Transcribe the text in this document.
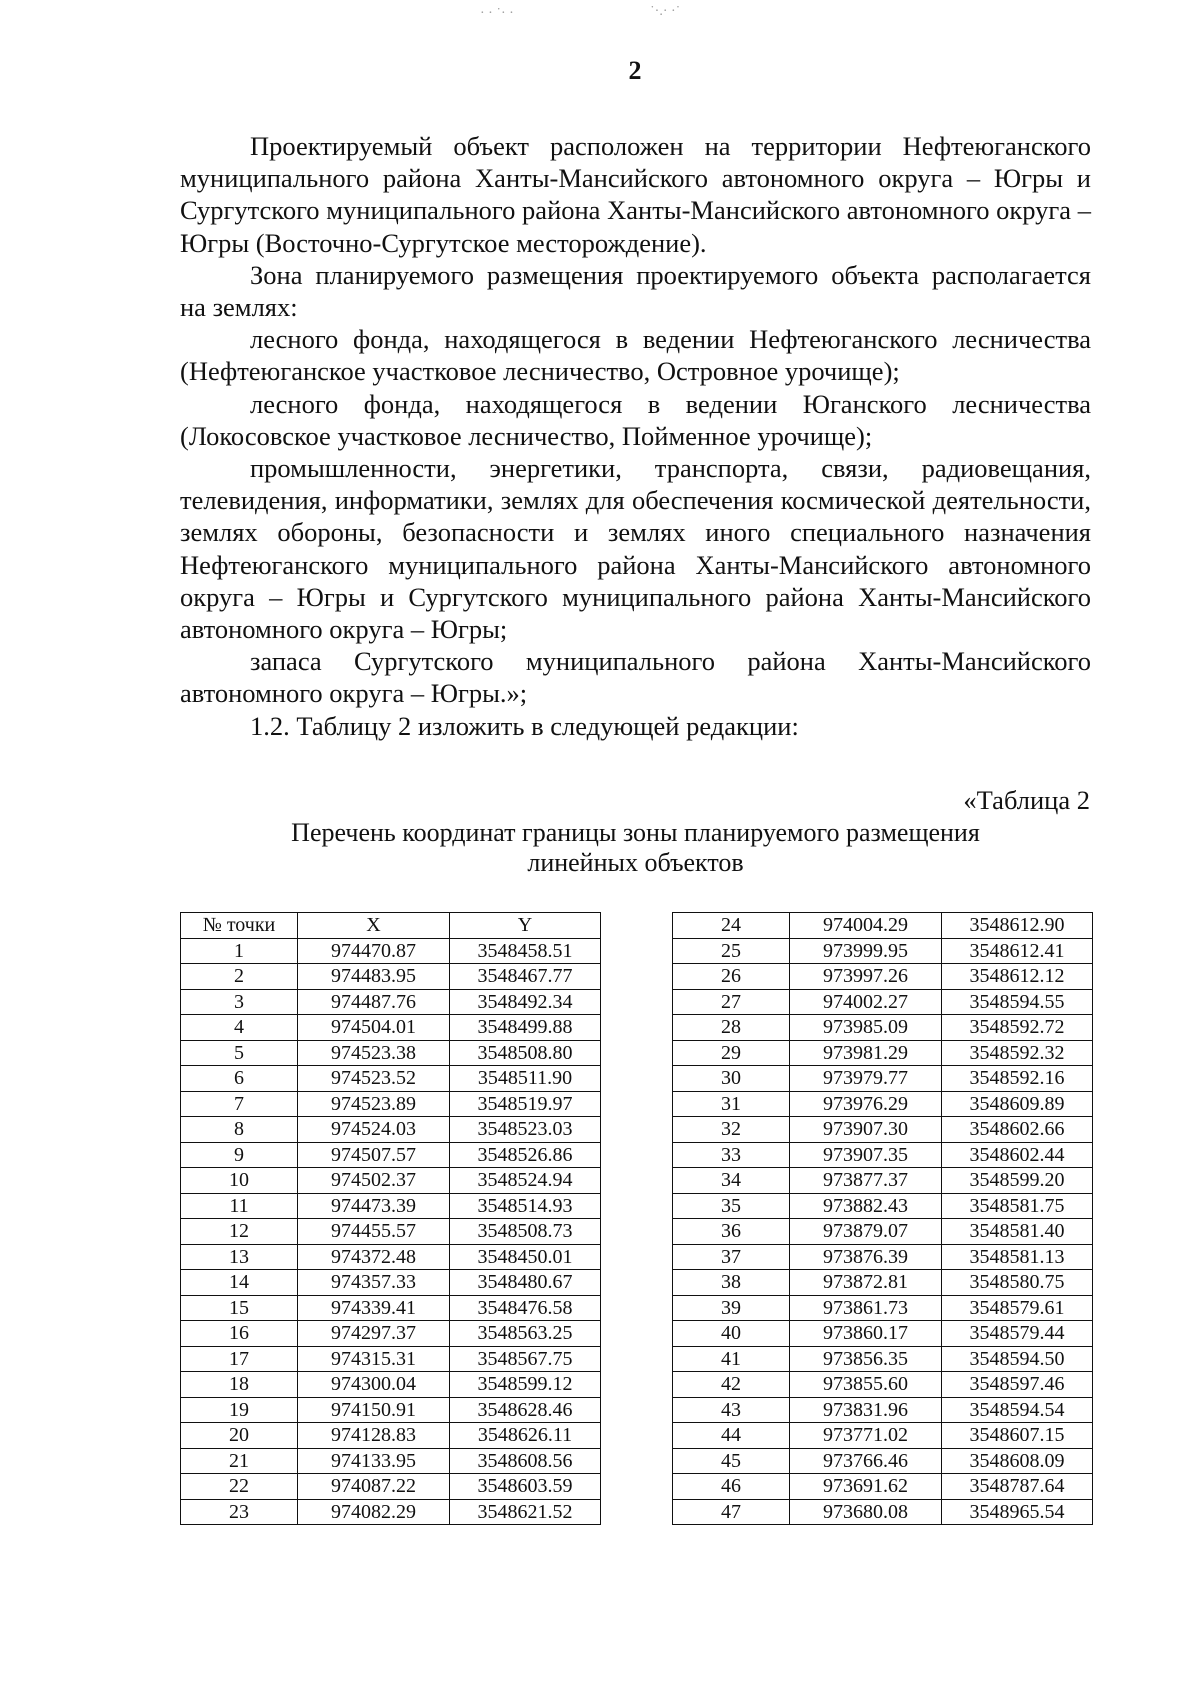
· · ˙· ·	˙·.· ·˙
2

Проектируемый объект расположен на территории Нефтеюганского муниципального района Ханты-Мансийского автономного округа – Югры и Сургутского муниципального района Ханты-Мансийского автономного округа – Югры (Восточно-Сургутское месторождение).

Зона планируемого размещения проектируемого объекта располагается на землях:

лесного фонда, находящегося в ведении Нефтеюганского лесничества (Нефтеюганское участковое лесничество, Островное урочище);

лесного фонда, находящегося в ведении Юганского лесничества (Локосовское участковое лесничество, Пойменное урочище);

промышленности, энергетики, транспорта, связи, радиовещания, телевидения, информатики, землях для обеспечения космической деятельности, землях обороны, безопасности и землях иного специального назначения Нефтеюганского муниципального района Ханты-Мансийского автономного округа – Югры и Сургутского муниципального района Ханты-Мансийского автономного округа – Югры;

запаса Сургутского муниципального района Ханты-Мансийского автономного округа – Югры.»;

1.2. Таблицу 2 изложить в следующей редакции:

«Таблица 2
Перечень координат границы зоны планируемого размещения
линейных объектов
№ точки	X	Y
1	974470.87	3548458.51
2	974483.95	3548467.77
3	974487.76	3548492.34
4	974504.01	3548499.88
5	974523.38	3548508.80
6	974523.52	3548511.90
7	974523.89	3548519.97
8	974524.03	3548523.03
9	974507.57	3548526.86
10	974502.37	3548524.94
11	974473.39	3548514.93
12	974455.57	3548508.73
13	974372.48	3548450.01
14	974357.33	3548480.67
15	974339.41	3548476.58
16	974297.37	3548563.25
17	974315.31	3548567.75
18	974300.04	3548599.12
19	974150.91	3548628.46
20	974128.83	3548626.11
21	974133.95	3548608.56
22	974087.22	3548603.59
23	974082.29	3548621.52
24	974004.29	3548612.90
25	973999.95	3548612.41
26	973997.26	3548612.12
27	974002.27	3548594.55
28	973985.09	3548592.72
29	973981.29	3548592.32
30	973979.77	3548592.16
31	973976.29	3548609.89
32	973907.30	3548602.66
33	973907.35	3548602.44
34	973877.37	3548599.20
35	973882.43	3548581.75
36	973879.07	3548581.40
37	973876.39	3548581.13
38	973872.81	3548580.75
39	973861.73	3548579.61
40	973860.17	3548579.44
41	973856.35	3548594.50
42	973855.60	3548597.46
43	973831.96	3548594.54
44	973771.02	3548607.15
45	973766.46	3548608.09
46	973691.62	3548787.64
47	973680.08	3548965.54
